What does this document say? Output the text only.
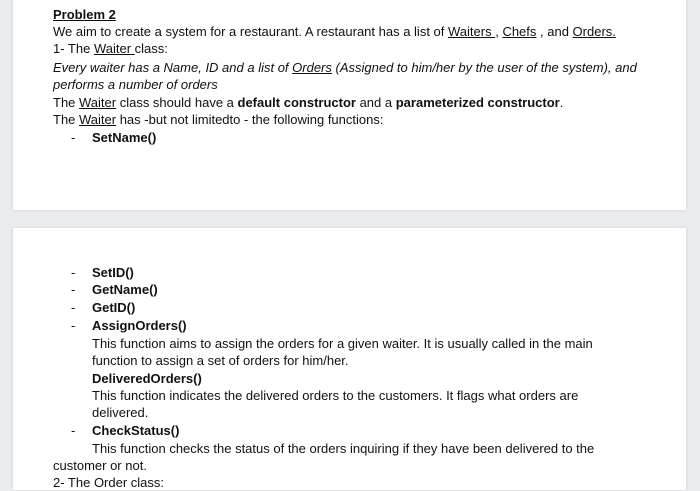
Problem 2
We aim to create a system for a restaurant. A restaurant has a list of Waiters , Chefs , and Orders.
1- The Waiter class:
Every waiter has a Name, ID and a list of Orders (Assigned to him/her by the user of the system), and
performs a number of orders
The Waiter class should have a default constructor and a parameterized constructor.
The Waiter has -but not limitedto - the following functions:
- SetName()
- SetID()
- GetName()
- GetID()
- AssignOrders()
This function aims to assign the orders for a given waiter. It is usually called in the main
function to assign a set of orders for him/her.
DeliveredOrders()
This function indicates the delivered orders to the customers. It flags what orders are
delivered.
- CheckStatus()
This function checks the status of the orders inquiring if they have been delivered to the
customer or not.
2- The Order class:
